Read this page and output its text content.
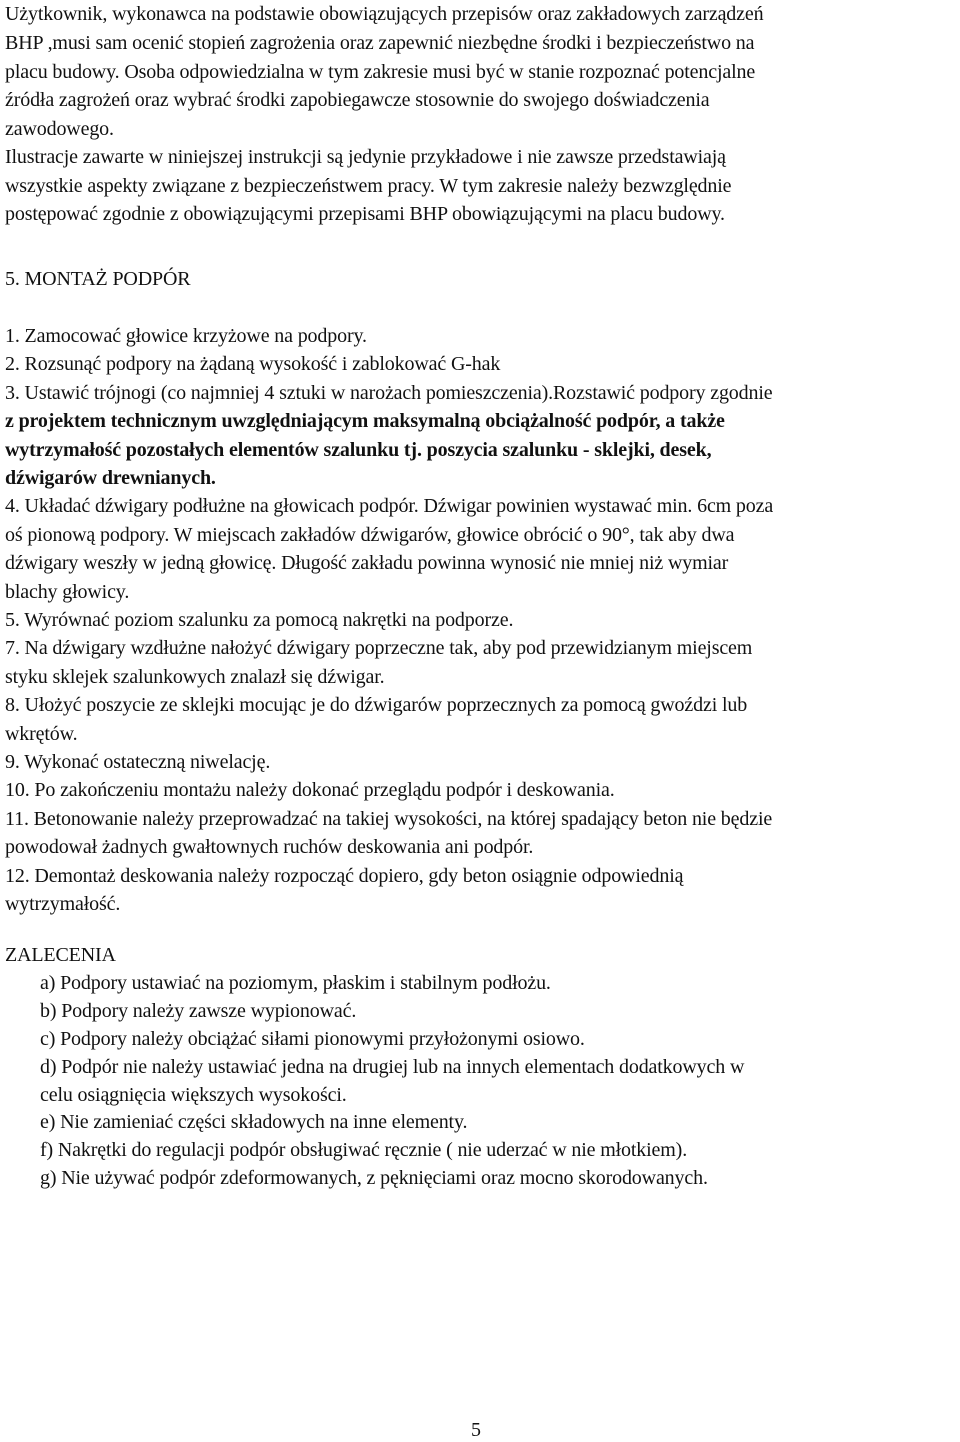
Użytkownik, wykonawca na podstawie obowiązujących przepisów oraz zakładowych zarządzeń
BHP ,musi sam ocenić stopień zagrożenia oraz zapewnić niezbędne środki i bezpieczeństwo na
placu budowy. Osoba odpowiedzialna w tym zakresie musi być w stanie rozpoznać potencjalne
źródła zagrożeń oraz wybrać środki zapobiegawcze stosownie do swojego doświadczenia
zawodowego.
Ilustracje zawarte w niniejszej instrukcji są jedynie przykładowe i nie zawsze przedstawiają
wszystkie aspekty związane z bezpieczeństwem pracy. W tym zakresie należy bezwzględnie
postępować zgodnie z obowiązującymi przepisami BHP obowiązującymi na placu budowy.
5. MONTAŻ PODPÓR
1. Zamocować głowice krzyżowe na podpory.
2. Rozsunąć podpory na żądaną wysokość i zablokować G-hak
3. Ustawić trójnogi (co najmniej 4 sztuki w narożach pomieszczenia).Rozstawić podpory zgodnie
z projektem technicznym uwzględniającym maksymalną obciążalność podpór, a także
wytrzymałość pozostałych elementów szalunku tj. poszycia szalunku - sklejki, desek,
dźwigarów drewnianych.
4. Układać dźwigary podłużne na głowicach podpór. Dźwigar powinien wystawać min. 6cm poza
oś pionową podpory. W miejscach zakładów dźwigarów, głowice obrócić o 90°, tak aby dwa
dźwigary weszły w jedną głowicę. Długość zakładu powinna wynosić nie mniej niż wymiar
blachy głowicy.
5. Wyrównać poziom szalunku za pomocą nakrętki na podporze.
7. Na dźwigary wzdłużne nałożyć dźwigary poprzeczne tak, aby pod przewidzianym miejscem
styku sklejek szalunkowych znalazł się dźwigar.
8. Ułożyć poszycie ze sklejki mocując je do dźwigarów poprzecznych za pomocą gwoździ lub
wkrętów.
9. Wykonać ostateczną niwelację.
10. Po zakończeniu montażu należy dokonać przeglądu podpór i deskowania.
11. Betonowanie należy przeprowadzać na takiej wysokości, na której spadający beton nie będzie
powodował żadnych gwałtownych ruchów deskowania ani podpór.
12. Demontaż deskowania należy rozpocząć dopiero, gdy beton osiągnie odpowiednią
wytrzymałość.
ZALECENIA
a) Podpory ustawiać na poziomym, płaskim i stabilnym podłożu.
b) Podpory należy zawsze wypionować.
c) Podpory należy obciążać siłami pionowymi przyłożonymi osiowo.
d) Podpór nie należy ustawiać jedna na drugiej lub na innych elementach dodatkowych w
celu osiągnięcia większych wysokości.
e) Nie zamieniać części składowych na inne elementy.
f) Nakrętki do regulacji podpór obsługiwać ręcznie ( nie uderzać w nie młotkiem).
g) Nie używać podpór zdeformowanych, z pęknięciami oraz mocno skorodowanych.
5
